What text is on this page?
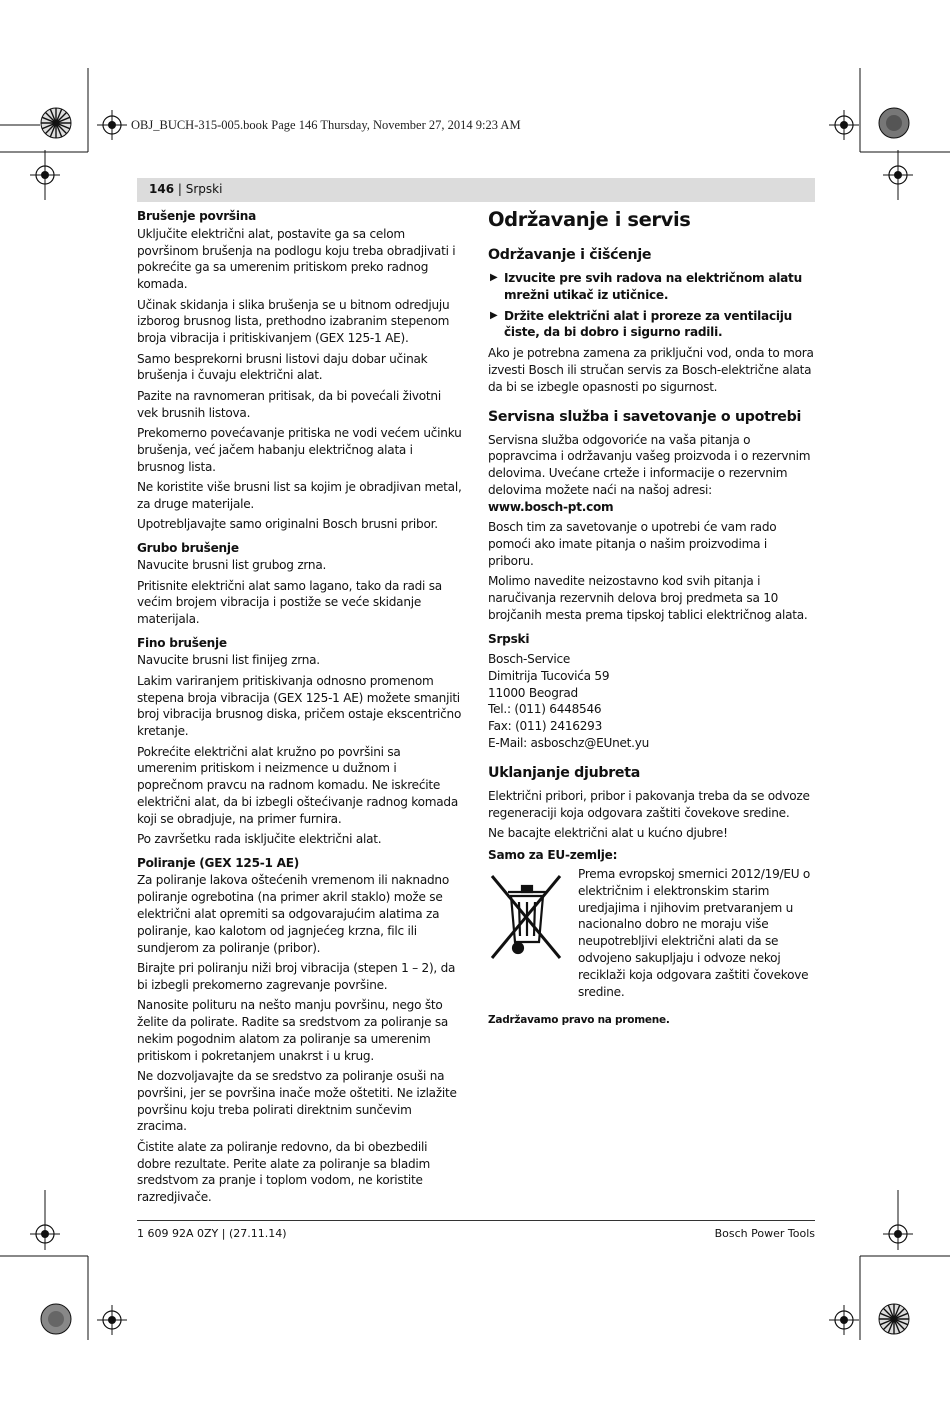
OBJ_BUCH-315-005.book Page 146 Thursday, November 27, 2014 9:23 AM
146 | Srpski
Brušenje površina

Uključite električni alat, postavite ga sa celom površinom brušenja na podlogu koju treba obradjivati i pokrećite ga sa umerenim pritiskom preko radnog komada.

Učinak skidanja i slika brušenja se u bitnom odredjuju izborog brusnog lista, prethodno izabranim stepenom broja vibracija i pritiskivanjem (GEX 125-1 AE).

Samo besprekorni brusni listovi daju dobar učinak brušenja i čuvaju električni alat.

Pazite na ravnomeran pritisak, da bi povećali životni vek brusnih listova.

Prekomerno povećavanje pritiska ne vodi većem učinku brušenja, već jačem habanju električnog alata i brusnog lista.

Ne koristite više brusni list sa kojim je obradjivan metal, za druge materijale.

Upotrebljavajte samo originalni Bosch brusni pribor.

Grubo brušenje

Navucite brusni list grubog zrna.

Pritisnite električni alat samo lagano, tako da radi sa većim brojem vibracija i postiže se veće skidanje materijala.

Fino brušenje

Navucite brusni list finijeg zrna.

Lakim variranjem pritiskivanja odnosno promenom stepena broja vibracija (GEX 125-1 AE) možete smanjiti broj vibracija brusnog diska, pričem ostaje ekscentrično kretanje.

Pokrećite električni alat kružno po površini sa umerenim pritiskom i neizmence u dužnom i poprečnom pravcu na radnom komadu. Ne iskrećite električni alat, da bi izbegli oštećivanje radnog komada koji se obradjuje, na primer furnira.

Po završetku rada isključite električni alat.

Poliranje (GEX 125-1 AE)

Za poliranje lakova oštećenih vremenom ili naknadno poliranje ogrebotina (na primer akril staklo) može se električni alat opremiti sa odgovarajućim alatima za poliranje, kao kalotom od jagnjećeg krzna, filc ili sundjerom za poliranje (pribor).

Birajte pri poliranju niži broj vibracija (stepen 1 – 2), da bi izbegli prekomerno zagrevanje površine.

Nanosite polituru na nešto manju površinu, nego što želite da polirate. Radite sa sredstvom za poliranje sa nekim pogodnim alatom za poliranje sa umerenim pritiskom i pokretanjem unakrst i u krug.

Ne dozvoljavajte da se sredstvo za poliranje osuši na površini, jer se površina inače može oštetiti. Ne izlažite površinu koju treba polirati direktnim sunčevim zracima.

Čistite alate za poliranje redovno, da bi obezbedili dobre rezultate. Perite alate za poliranje sa bladim sredstvom za pranje i toplom vodom, ne koristite razredjivače.

Održavanje i servis
Održavanje i čišćenje
▶ Izvucite pre svih radova na električnom alatu mrežni utikač iz utičnice.
▶ Držite električni alat i proreze za ventilaciju čiste, da bi dobro i sigurno radili.

Ako je potrebna zamena za priključni vod, onda to mora izvesti Bosch ili stručan servis za Bosch-električne alata da bi se izbegle opasnosti po sigurnost.

Servisna služba i savetovanje o upotrebi

Servisna služba odgovoriće na vaša pitanja o popravcima i održavanju vašeg proizvoda i o rezervnim delovima. Uvećane crteže i informacije o rezervnim delovima možete naći na našoj adresi:

www.bosch-pt.com

Bosch tim za savetovanje o upotrebi će vam rado pomoći ako imate pitanja o našim proizvodima i priboru.

Molimo navedite neizostavno kod svih pitanja i naručivanja rezervnih delova broj predmeta sa 10 brojčanih mesta prema tipskoj tablici električnog alata.

Srpski
Bosch-Service
Dimitrija Tucovića 59
11000 Beograd
Tel.: (011) 6448546
Fax: (011) 2416293
E-Mail: asboschz@EUnet.yu
Uklanjanje djubreta

Električni pribori, pribor i pakovanja treba da se odvoze regeneraciji koja odgovara zaštiti čovekove sredine.

Ne bacajte električni alat u kućno djubre!

Samo za EU-zemlje:
Prema evropskoj smernici 2012/19/EU o električnim i elektronskim starim uredjajima i njihovim pretvaranjem u nacionalno dobro ne moraju više neupotrebljivi električni alati da se odvojeno sakupljaju i odvoze nekoj reciklaži koja odgovara zaštiti čovekove sredine.
Zadržavamo pravo na promene.
1 609 92A 0ZY | (27.11.14)	Bosch Power Tools
